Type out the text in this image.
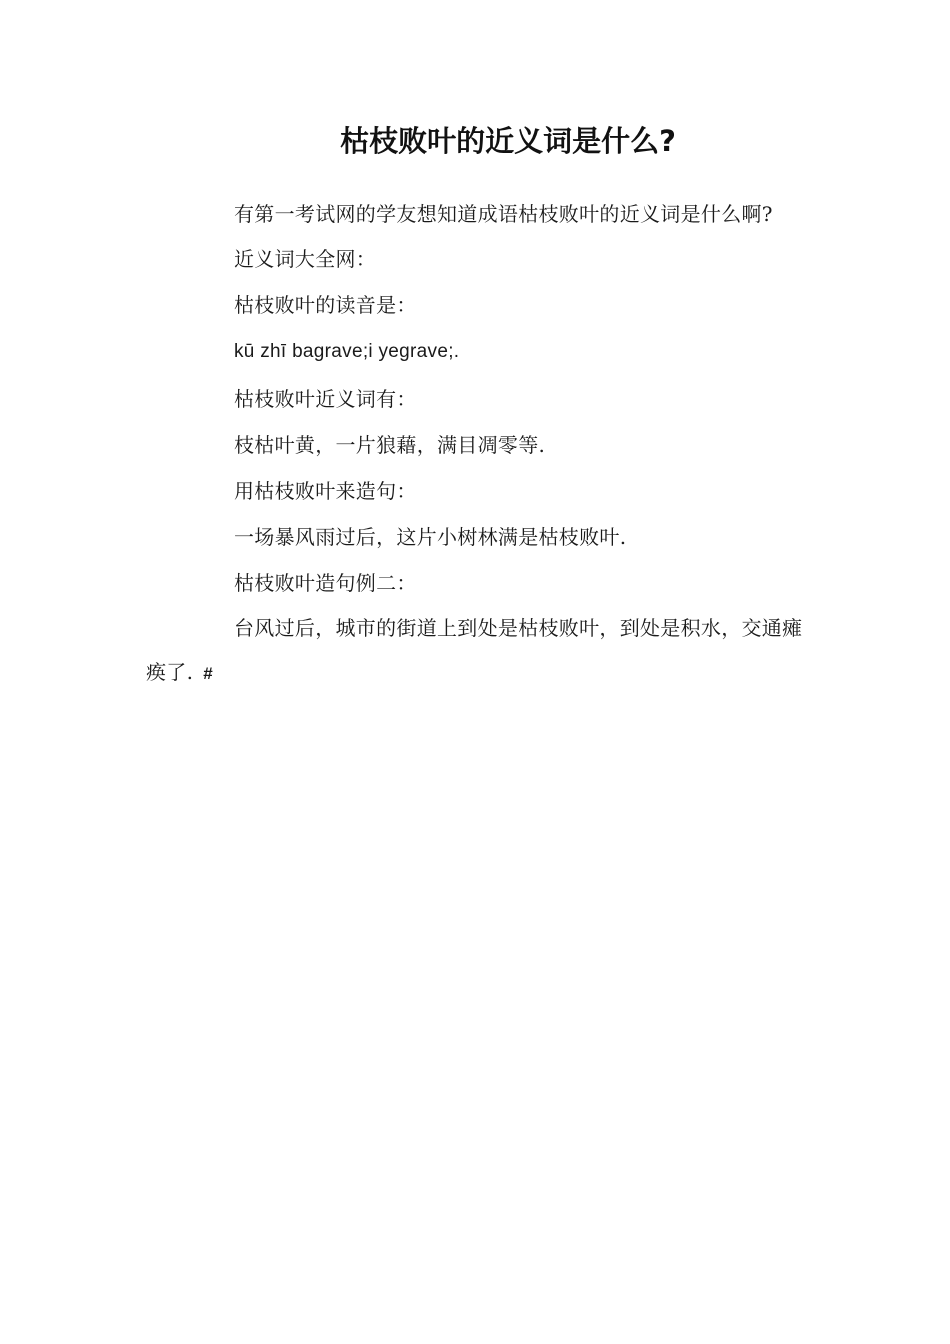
枯枝败叶的近义词是什么?

有第一考试网的学友想知道成语枯枝败叶的近义词是什么啊?

近义词大全网：

枯枝败叶的读音是：

kū zhī bagrave;i yegrave;.

枯枝败叶近义词有：

枝枯叶黄，一片狼藉，满目凋零等.

用枯枝败叶来造句：

一场暴风雨过后，这片小树林满是枯枝败叶.

枯枝败叶造句例二：

台风过后，城市的街道上到处是枯枝败叶，到处是积水，交通瘫痪了. #
